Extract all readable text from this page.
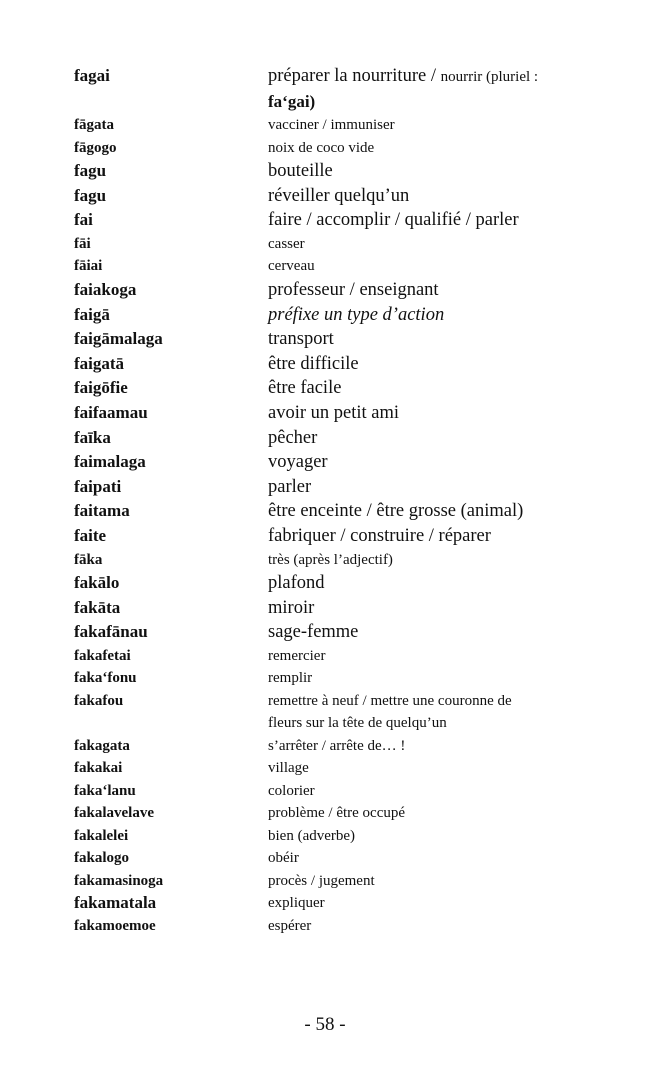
fagai	préparer la nourriture / nourrir (pluriel :
fa‘gai)
fāgata	vacciner / immuniser
fāgogo	noix de coco vide
fagu	bouteille
fagu	réveiller quelqu’un
fai	faire / accomplir / qualifié / parler
fāi	casser
fāiai	cerveau
faiakoga	professeur / enseignant
faigā	préfixe un type d’action
faigāmalaga	transport
faigatā	être difficile
faigōfie	être facile
faifaamau	avoir un petit ami
faīka	pêcher
faimalaga	voyager
faipati	parler
faitama	être enceinte / être grosse (animal)
faite	fabriquer / construire / réparer
fāka	très (après l’adjectif)
fakālo	plafond
fakāta	miroir
fakafānau	sage-femme
fakafetai	remercier
faka‘fonu	remplir
fakafou	remettre à neuf / mettre une couronne de
fleurs sur la tête de quelqu’un
fakagata	s’arrêter / arrête de… !
fakakai	village
faka‘lanu	colorier
fakalavelave	problème / être occupé
fakalelei	bien (adverbe)
fakalogo	obéir
fakamasinoga	procès / jugement
fakamatala	expliquer
fakamoemoe	espérer
- 58 -
